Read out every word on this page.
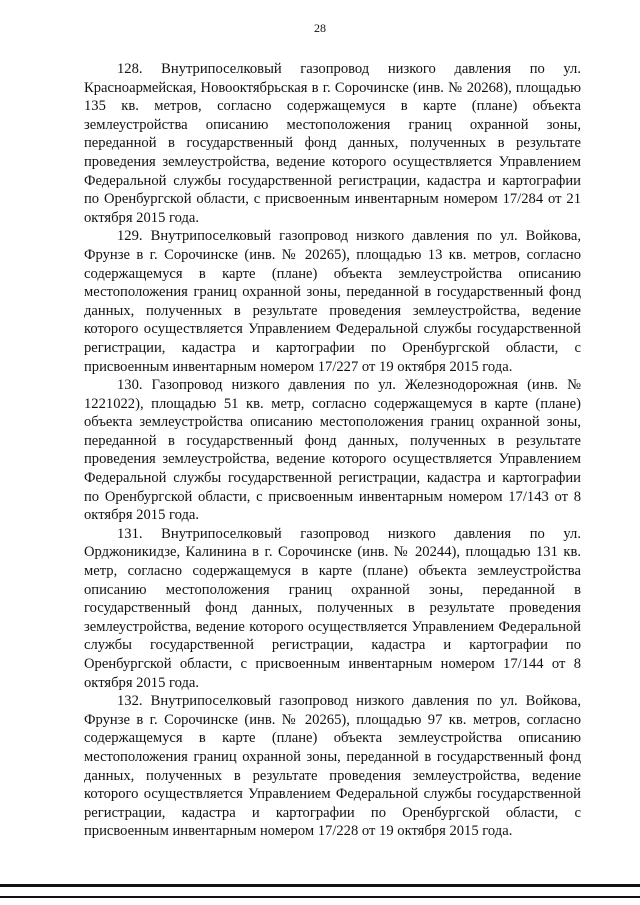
28

128. Внутрипоселковый газопровод низкого давления по ул. Красноармейская, Новооктябрьская в г. Сорочинске (инв. № 20268), площадью 135 кв. метров, согласно содержащемуся в карте (плане) объекта землеустройства описанию местоположения границ охранной зоны, переданной в государственный фонд данных, полученных в результате проведения землеустройства, ведение которого осуществляется Управлением Федеральной службы государственной регистрации, кадастра и картографии по Оренбургской области, с присвоенным инвентарным номером 17/284 от 21 октября 2015 года.

129. Внутрипоселковый газопровод низкого давления по ул. Войкова, Фрунзе в г. Сорочинске (инв. № 20265), площадью 13 кв. метров, согласно содержащемуся в карте (плане) объекта землеустройства описанию местоположения границ охранной зоны, переданной в государственный фонд данных, полученных в результате проведения землеустройства, ведение которого осуществляется Управлением Федеральной службы государственной регистрации, кадастра и картографии по Оренбургской области, с присвоенным инвентарным номером 17/227 от 19 октября 2015 года.

130. Газопровод низкого давления по ул. Железнодорожная (инв. № 1221022), площадью 51 кв. метр, согласно содержащемуся в карте (плане) объекта землеустройства описанию местоположения границ охранной зоны, переданной в государственный фонд данных, полученных в результате проведения землеустройства, ведение которого осуществляется Управлением Федеральной службы государственной регистрации, кадастра и картографии по Оренбургской области, с присвоенным инвентарным номером 17/143 от 8 октября 2015 года.

131. Внутрипоселковый газопровод низкого давления по ул. Орджоникидзе, Калинина в г. Сорочинске (инв. № 20244), площадью 131 кв. метр, согласно содержащемуся в карте (плане) объекта землеустройства описанию местоположения границ охранной зоны, переданной в государственный фонд данных, полученных в результате проведения землеустройства, ведение которого осуществляется Управлением Федеральной службы государственной регистрации, кадастра и картографии по Оренбургской области, с присвоенным инвентарным номером 17/144 от 8 октября 2015 года.

132. Внутрипоселковый газопровод низкого давления по ул. Войкова, Фрунзе в г. Сорочинске (инв. № 20265), площадью 97 кв. метров, согласно содержащемуся в карте (плане) объекта землеустройства описанию местоположения границ охранной зоны, переданной в государственный фонд данных, полученных в результате проведения землеустройства, ведение которого осуществляется Управлением Федеральной службы государственной регистрации, кадастра и картографии по Оренбургской области, с присвоенным инвентарным номером 17/228 от 19 октября 2015 года.
